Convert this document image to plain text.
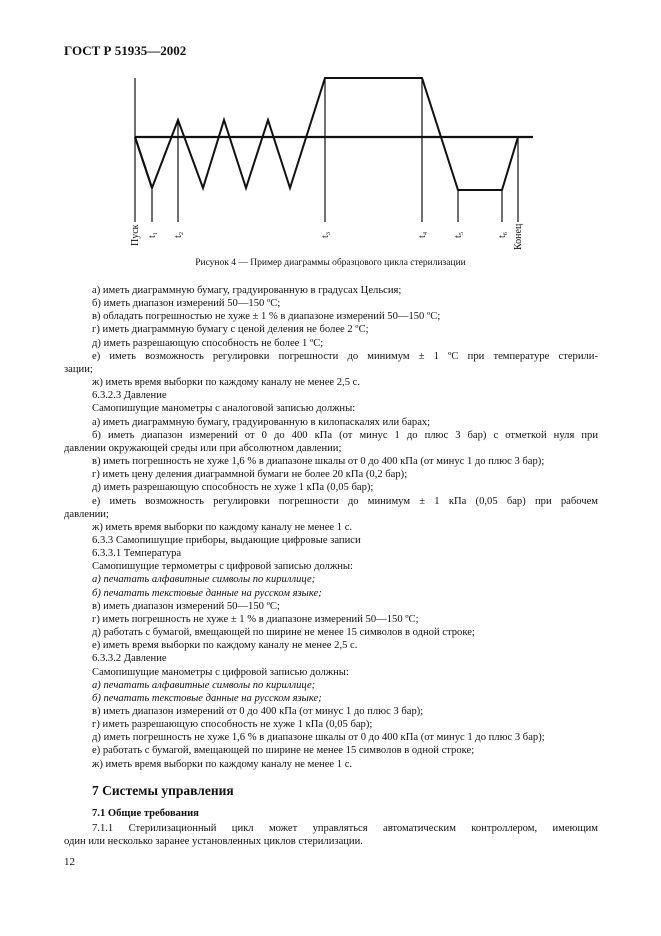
ГОСТ Р 51935—2002
Пуск t₁ t₂	t₃	t₄	t₅	t₆ Конец
Рисунок 4 — Пример диаграммы образцового цикла стерилизации
а) иметь диаграммную бумагу, градуированную в градусах Цельсия;
б) иметь диапазон измерений 50—150 ºС;
в) обладать погрешностью не хуже ± 1 % в диапазоне измерений 50—150 ºС;
г) иметь диаграммную бумагу с ценой деления не более 2 ºС;
д) иметь разрешающую способность не более 1 ºС;
е) иметь возможность регулировки погрешности до минимум ± 1 ºС при температуре стерили-
зации;
ж) иметь время выборки по каждому каналу не менее 2,5 с.
6.3.2.3 Давление
Самопишущие манометры с аналоговой записью должны:
а) иметь диаграммную бумагу, градуированную в килопаскалях или барах;
б) иметь диапазон измерений от 0 до 400 кПа (от минус 1 до плюс 3 бар) с отметкой нуля при
давлении окружающей среды или при абсолютном давлении;
в) иметь погрешность не хуже 1,6 % в диапазоне шкалы от 0 до 400 кПа (от минус 1 до плюс 3 бар);
г) иметь цену деления диаграммной бумаги не более 20 кПа (0,2 бар);
д) иметь разрешающую способность не хуже 1 кПа (0,05 бар);
е) иметь возможность регулировки погрешности до минимум ± 1 кПа (0,05 бар) при рабочем
давлении;
ж) иметь время выборки по каждому каналу не менее 1 с.
6.3.3 Самопишущие приборы, выдающие цифровые записи
6.3.3.1 Температура
Самопишущие термометры с цифровой записью должны:
а) печатать алфавитные символы по кириллице;
б) печатать текстовые данные на русском языке;
в) иметь диапазон измерений 50—150 ºС;
г) иметь погрешность не хуже ± 1 % в диапазоне измерений 50—150 ºС;
д) работать с бумагой, вмещающей по ширине не менее 15 символов в одной строке;
е) иметь время выборки по каждому каналу не менее 2,5 с.
6.3.3.2 Давление
Самопишущие манометры с цифровой записью должны:
а) печатать алфавитные символы по кириллице;
б) печатать текстовые данные на русском языке;
в) иметь диапазон измерений от 0 до 400 кПа (от минус 1 до плюс 3 бар);
г) иметь разрешающую способность не хуже 1 кПа (0,05 бар);
д) иметь погрешность не хуже 1,6 % в диапазоне шкалы от 0 до 400 кПа (от минус 1 до плюс 3 бар);
е) работать с бумагой, вмещающей по ширине не менее 15 символов в одной строке;
ж) иметь время выборки по каждому каналу не менее 1 с.
7 Системы управления
7.1 Общие требования
7.1.1 Стерилизационный цикл может управляться автоматическим контроллером, имеющим
один или несколько заранее установленных циклов стерилизации.
12
